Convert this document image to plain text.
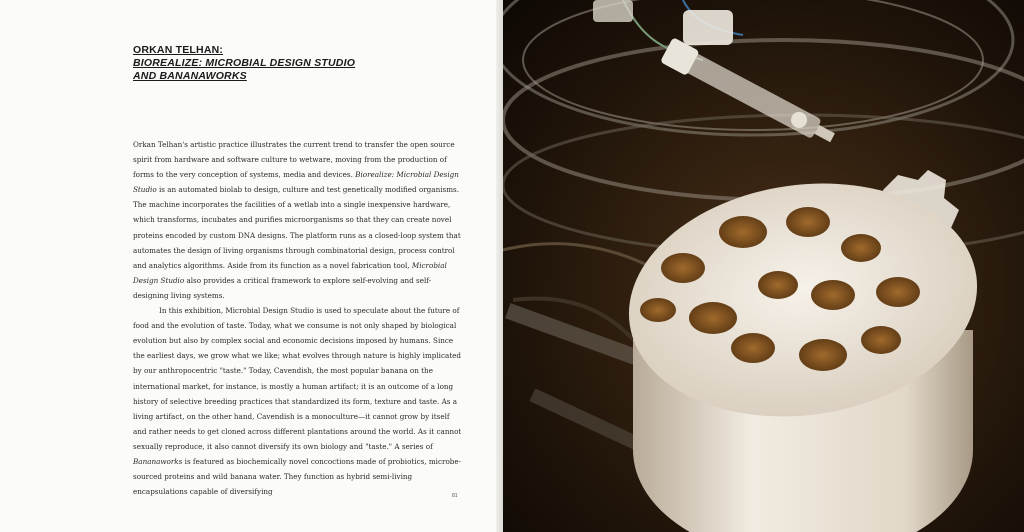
ORKAN TELHAN:
BIOREALIZE: MICROBIAL DESIGN STUDIO
AND BANANAWORKS

Orkan Telhan's artistic practice illustrates the current trend to transfer the open source spirit from hardware and software culture to wetware, moving from the production of forms to the very conception of systems, media and devices. Biorealize: Microbial Design Studio is an automated biolab to design, culture and test genetically modified organisms. The machine incorporates the facilities of a wetlab into a single inexpensive hardware, which transforms, incubates and purifies microorganisms so that they can create novel proteins encoded by custom DNA designs. The platform runs as a closed-loop system that automates the design of living organisms through combinatorial design, process control and analytics algorithms. Aside from its function as a novel fabrication tool, Microbial Design Studio also provides a critical framework to explore self-evolving and self-designing living systems.

In this exhibition, Microbial Design Studio is used to speculate about the future of food and the evolution of taste. Today, what we consume is not only shaped by biological evolution but also by complex social and economic decisions imposed by humans. Since the earliest days, we grow what we like; what evolves through nature is highly implicated by our anthropocentric "taste." Today, Cavendish, the most popular banana on the international market, for instance, is mostly a human artifact; it is an outcome of a long history of selective breeding practices that standardized its form, texture and taste. As a living artifact, on the other hand, Cavendish is a monoculture—it cannot grow by itself and rather needs to get cloned across different plantations around the world. As it cannot sexually reproduce, it also cannot diversify its own biology and "taste." A series of Bananaworks is featured as biochemically novel concoctions made of probiotics, microbe-sourced proteins and wild banana water. They function as hybrid semi-living encapsulations capable of diversifying	81
